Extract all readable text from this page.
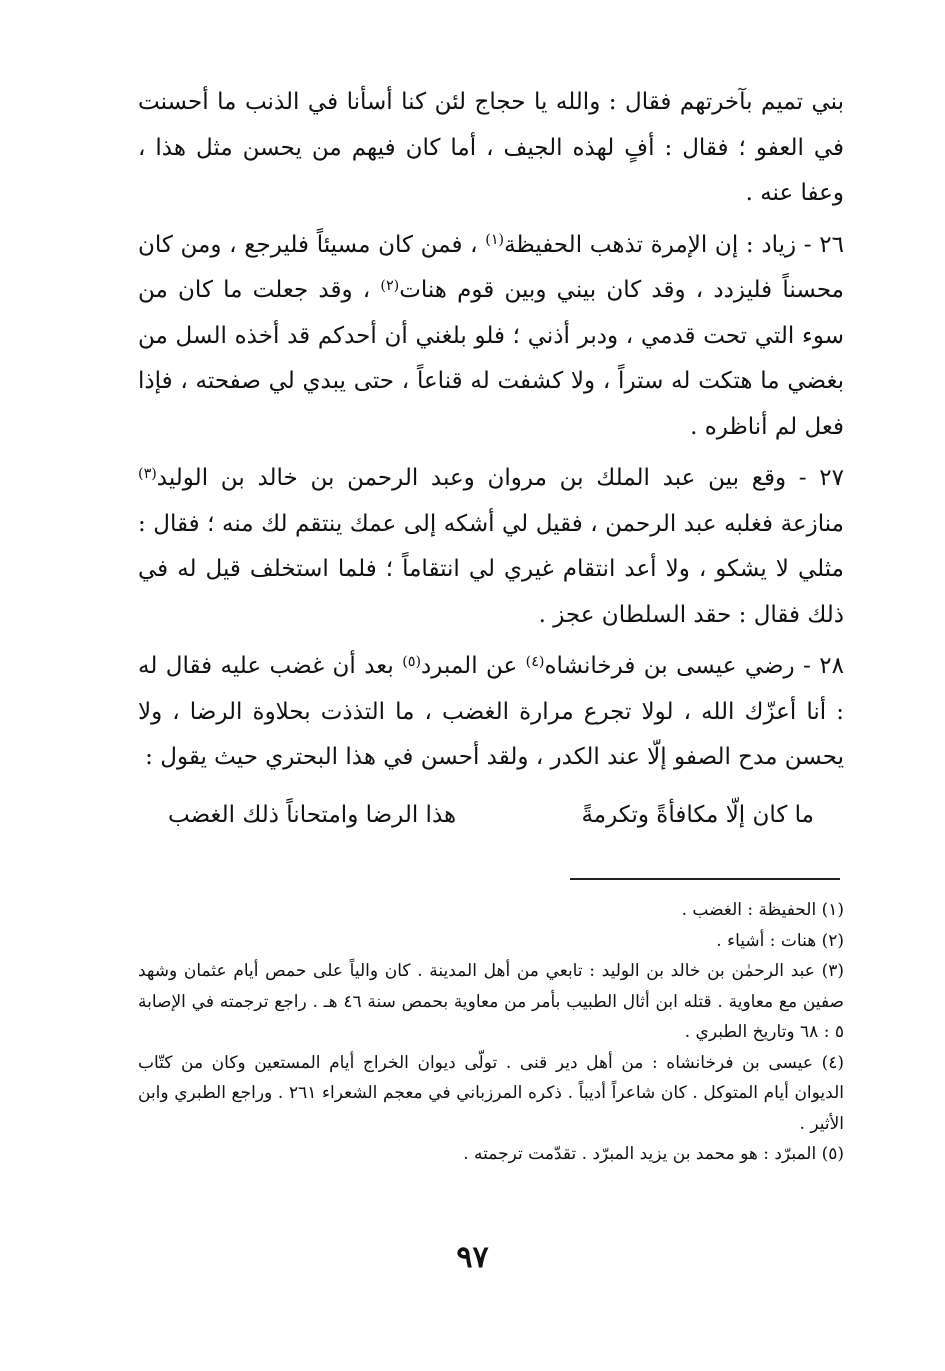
بني تميم بآخرتهم فقال : والله يا حجاج لئن كنا أسأنا في الذنب ما أحسنت في العفو ؛ فقال : أفٍ لهذه الجيف ، أما كان فيهم من يحسن مثل هذا ، وعفا عنه .

٢٦ - زياد : إن الإمرة تذهب الحفيظة$^{(١)}$ ، فمن كان مسيئاً فليرجع ، ومن كان محسناً فليزدد ، وقد كان بيني وبين قوم هنات$^{(٢)}$ ، وقد جعلت ما كان من سوء التي تحت قدمي ، ودبر أذني ؛ فلو بلغني أن أحدكم قد أخذه السل من بغضي ما هتكت له ستراً ، ولا كشفت له قناعاً ، حتى يبدي لي صفحته ، فإذا فعل لم أناظره .

٢٧ - وقع بين عبد الملك بن مروان وعبد الرحمن بن خالد بن الوليد$^{(٣)}$ منازعة فغلبه عبد الرحمن ، فقيل لي أشكه إلى عمك ينتقم لك منه ؛ فقال : مثلي لا يشكو ، ولا أعد انتقام غيري لي انتقاماً ؛ فلما استخلف قيل له في ذلك فقال : حقد السلطان عجز .

٢٨ - رضي عيسى بن فرخانشاه$^{(٤)}$ عن المبرد$^{(٥)}$ بعد أن غضب عليه فقال له : أنا أعزّك الله ، لولا تجرع مرارة الغضب ، ما التذذت بحلاوة الرضا ، ولا يحسن مدح الصفو إلّا عند الكدر ، ولقد أحسن في هذا البحتري حيث يقول :

ما كان إلّا مكافأةً وتكرمةً
هذا الرضا وامتحاناً ذلك الغضب

(١) الحفيظة : الغضب .

(٢) هنات : أشياء .

(٣) عبد الرحمٰن بن خالد بن الوليد : تابعي من أهل المدينة . كان والياً على حمص أيام عثمان وشهد صفين مع معاوية . قتله ابن أثال الطبيب بأمر من معاوية بحمص سنة ٤٦ هـ . راجع ترجمته في الإصابة ٥ : ٦٨ وتاريخ الطبري .

(٤) عيسى بن فرخانشاه : من أهل دير قنى . تولّى ديوان الخراج أيام المستعين وكان من كتّاب الديوان أيام المتوكل . كان شاعراً أديباً . ذكره المرزباني في معجم الشعراء ٢٦١ . وراجع الطبري وابن الأثير .

(٥) المبرّد : هو محمد بن يزيد المبرّد . تقدّمت ترجمته .

٩٧
